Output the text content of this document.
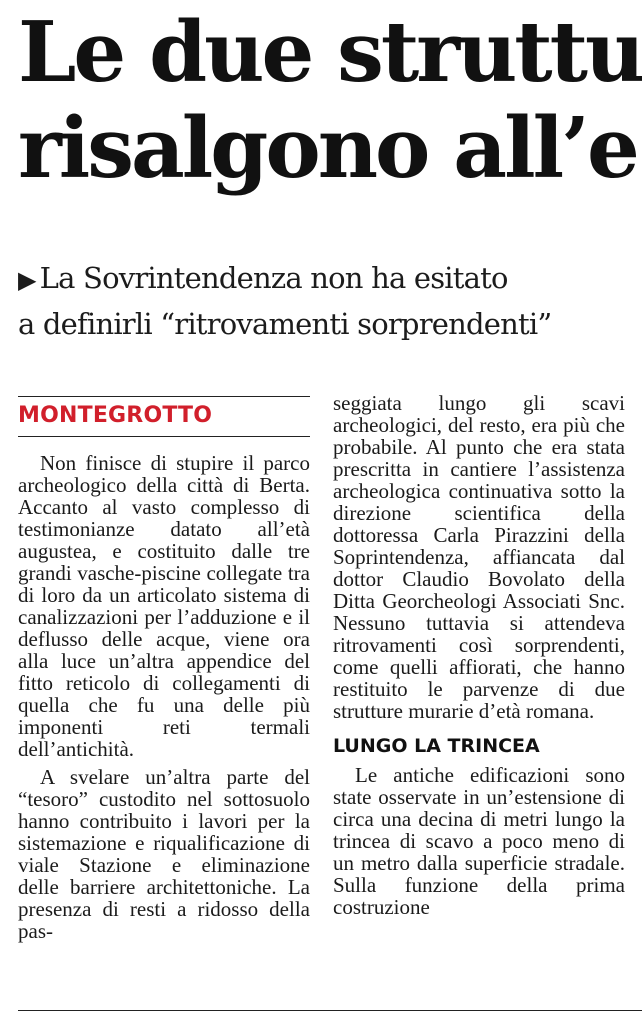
Le due struttu
risalgono all’e
▶ La Sovrintendenza non ha esitato
a definirli “ritrovamenti sorprendenti”
MONTEGROTTO

Non finisce di stupire il parco archeologico della città di Berta. Accanto al vasto complesso di testimonianze datato all’età augustea, e costituito dalle tre grandi vasche-piscine collegate tra di loro da un articolato sistema di canalizzazioni per l’adduzione e il deflusso delle acque, viene ora alla luce un’altra appendice del fitto reticolo di collegamenti di quella che fu una delle più imponenti reti termali dell’antichità.

A svelare un’altra parte del “tesoro” custodito nel sottosuolo hanno contribuito i lavori per la sistemazione e riqualificazione di viale Stazione e eliminazione delle barriere architettoniche. La presenza di resti a ridosso della pas-

seggiata lungo gli scavi archeologici, del resto, era più che probabile. Al punto che era stata prescritta in cantiere l’assistenza archeologica continuativa sotto la direzione scientifica della dottoressa Carla Pirazzini della Soprintendenza, affiancata dal dottor Claudio Bovolato della Ditta Georcheologi Associati Snc. Nessuno tuttavia si attendeva ritrovamenti così sorprendenti, come quelli affiorati, che hanno restituito le parvenze di due strutture murarie d’età romana.

LUNGO LA TRINCEA

Le antiche edificazioni sono state osservate in un’estensione di circa una decina di metri lungo la trincea di scavo a poco meno di un metro dalla superficie stradale. Sulla funzione della prima costruzione
